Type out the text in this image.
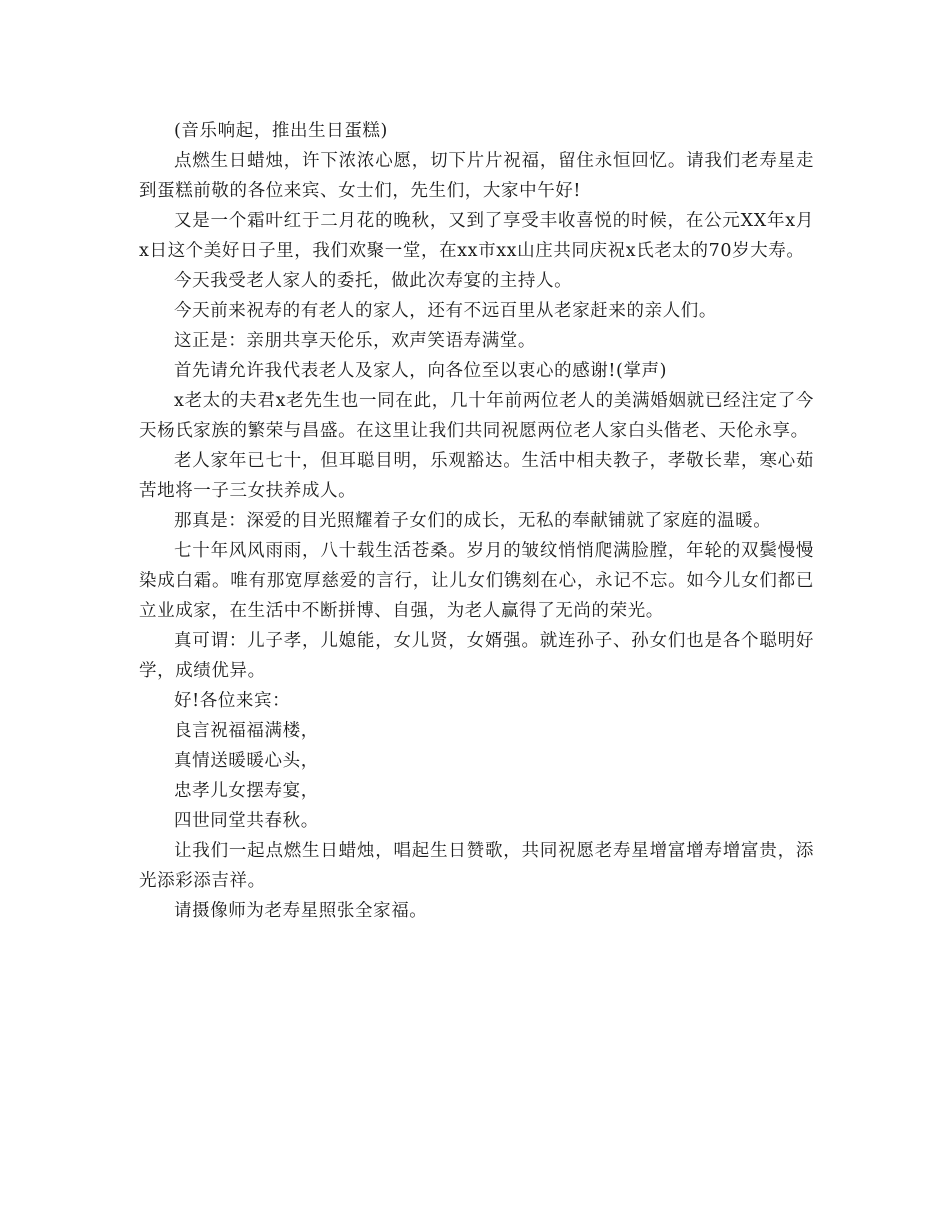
(音乐响起，推出生日蛋糕)

点燃生日蜡烛，许下浓浓心愿，切下片片祝福，留住永恒回忆。请我们老寿星走到蛋糕前敬的各位来宾、女士们，先生们，大家中午好!

又是一个霜叶红于二月花的晚秋，又到了享受丰收喜悦的时候，在公元XX年x月x日这个美好日子里，我们欢聚一堂，在xx市xx山庄共同庆祝x氏老太的70岁大寿。

今天我受老人家人的委托，做此次寿宴的主持人。

今天前来祝寿的有老人的家人，还有不远百里从老家赶来的亲人们。

这正是：亲朋共享天伦乐，欢声笑语寿满堂。

首先请允许我代表老人及家人，向各位至以衷心的感谢!(掌声)

x老太的夫君x老先生也一同在此，几十年前两位老人的美满婚姻就已经注定了今天杨氏家族的繁荣与昌盛。在这里让我们共同祝愿两位老人家白头偕老、天伦永享。

老人家年已七十，但耳聪目明，乐观豁达。生活中相夫教子，孝敬长辈，寒心茹苦地将一子三女扶养成人。

那真是：深爱的目光照耀着子女们的成长，无私的奉献铺就了家庭的温暖。

七十年风风雨雨，八十载生活苍桑。岁月的皱纹悄悄爬满脸膛，年轮的双鬓慢慢染成白霜。唯有那宽厚慈爱的言行，让儿女们镌刻在心，永记不忘。如今儿女们都已立业成家，在生活中不断拼博、自强，为老人赢得了无尚的荣光。

真可谓：儿子孝，儿媳能，女儿贤，女婿强。就连孙子、孙女们也是各个聪明好学，成绩优异。

好!各位来宾：

良言祝福福满楼，

真情送暖暖心头，

忠孝儿女摆寿宴，

四世同堂共春秋。

让我们一起点燃生日蜡烛，唱起生日赞歌，共同祝愿老寿星增富增寿增富贵，添光添彩添吉祥。

请摄像师为老寿星照张全家福。
